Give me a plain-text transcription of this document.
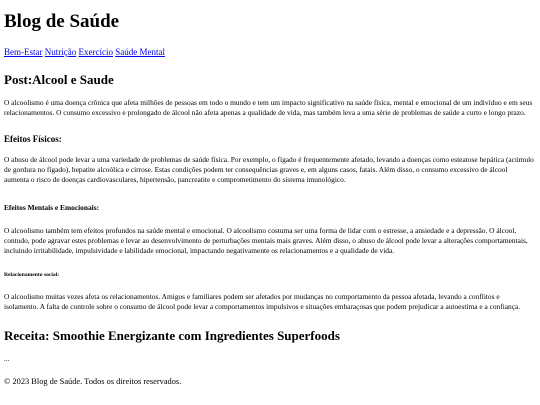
Blog de Saúde
Bem-Estar Nutrição Exercício Saúde Mental
Post:Alcool e Saude

O alcoolismo é uma doença crônica que afeta milhões de pessoas em todo o mundo e tem um impacto significativo na saúde física, mental e emocional de um indivíduo e em seus relacionamentos. O consumo excessivo e prolongado de álcool não afeta apenas a qualidade de vida, mas também leva a uma série de problemas de saúde a curto e longo prazo.

Efeitos Físicos:

O abuso de álcool pode levar a uma variedade de problemas de saúde física. Por exemplo, o fígado é frequentemente afetado, levando a doenças como esteatose hepática (acúmulo de gordura no fígado), hepatite alcoólica e cirrose. Estas condições podem ter consequências graves e, em alguns casos, fatais. Além disso, o consumo excessivo de álcool aumenta o risco de doenças cardiovasculares, hipertensão, pancreatite e comprometimento do sistema imunológico.

Efeitos Mentais e Emocionais:

O alcoolismo também tem efeitos profundos na saúde mental e emocional. O alcoolismo costuma ser uma forma de lidar com o estresse, a ansiedade e a depressão. O álcool, contudo, pode agravar estes problemas e levar ao desenvolvimento de perturbações mentais mais graves. Além disso, o abuso de álcool pode levar a alterações comportamentais, incluindo irritabilidade, impulsividade e labilidade emocional, impactando negativamente os relacionamentos e a qualidade de vida.

Relacionamento social:

O alcoolismo muitas vezes afeta os relacionamentos. Amigos e familiares podem ser afetados por mudanças no comportamento da pessoa afetada, levando a conflitos e isolamento. A falta de controle sobre o consumo de álcool pode levar a comportamentos impulsivos e situações embaraçosas que podem prejudicar a autoestima e a confiança.

Receita: Smoothie Energizante com Ingredientes Superfoods
...
© 2023 Blog de Saúde. Todos os direitos reservados.
